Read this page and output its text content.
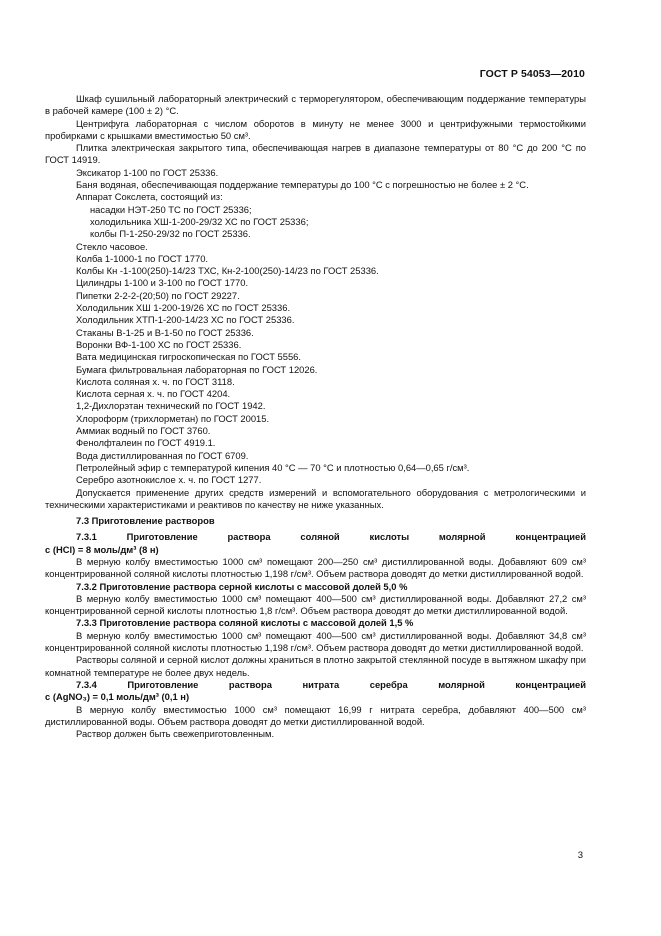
ГОСТ Р 54053—2010

Шкаф сушильный лабораторный электрический с терморегулятором, обеспечивающим поддержание температуры в рабочей камере (100 ± 2) °С.

Центрифуга лабораторная с числом оборотов в минуту не менее 3000 и центрифужными термостойкими пробирками с крышками вместимостью 50 см³.

Плитка электрическая закрытого типа, обеспечивающая нагрев в диапазоне температуры от 80 °С до 200 °С по ГОСТ 14919.

Эксикатор 1-100 по ГОСТ 25336.

Баня водяная, обеспечивающая поддержание температуры до 100 °С с погрешностью не более ± 2 °С.

Аппарат Сокслета, состоящий из:

насадки НЭТ-250 ТС по ГОСТ 25336;

холодильника ХШ-1-200-29/32 ХС по ГОСТ 25336;

колбы П-1-250-29/32 по ГОСТ 25336.

Стекло часовое.

Колба 1-1000-1 по ГОСТ 1770.

Колбы Кн -1-100(250)-14/23 ТХС, Кн-2-100(250)-14/23 по ГОСТ 25336.

Цилиндры 1-100 и 3-100 по ГОСТ 1770.

Пипетки 2-2-2-(20;50) по ГОСТ 29227.

Холодильник ХШ 1-200-19/26 ХС по ГОСТ 25336.

Холодильник ХТП-1-200-14/23 ХС по ГОСТ 25336.

Стаканы В-1-25 и В-1-50 по ГОСТ 25336.

Воронки ВФ-1-100 ХС по ГОСТ 25336.

Вата медицинская гигроскопическая по ГОСТ 5556.

Бумага фильтровальная лабораторная по ГОСТ 12026.

Кислота соляная х. ч. по ГОСТ 3118.

Кислота серная х. ч. по ГОСТ 4204.

1,2-Дихлорэтан технический по ГОСТ 1942.

Хлороформ (трихлорметан) по ГОСТ 20015.

Аммиак водный по ГОСТ 3760.

Фенолфталеин по ГОСТ 4919.1.

Вода дистиллированная по ГОСТ 6709.

Петролейный эфир с температурой кипения 40 °С — 70 °С и плотностью 0,64—0,65 г/см³.

Серебро азотнокислое х. ч. по ГОСТ 1277.

Допускается применение других средств измерений и вспомогательного оборудования с метрологическими и техническими характеристиками и реактивов по качеству не ниже указанных.

7.3 Приготовление растворов

7.3.1 Приготовление раствора соляной кислоты молярной концентрацией

с (HCl) = 8 моль/дм³ (8 н)

В мерную колбу вместимостью 1000 см³ помещают 200—250 см³ дистиллированной воды. Добавляют 609 см³ концентрированной соляной кислоты плотностью 1,198 г/см³. Объем раствора доводят до метки дистиллированной водой.

7.3.2 Приготовление раствора серной кислоты с массовой долей 5,0 %

В мерную колбу вместимостью 1000 см³ помещают 400—500 см³ дистиллированной воды. Добавляют 27,2 см³ концентрированной серной кислоты плотностью 1,8 г/см³. Объем раствора доводят до метки дистиллированной водой.

7.3.3 Приготовление раствора соляной кислоты с массовой долей 1,5 %

В мерную колбу вместимостью 1000 см³ помещают 400—500 см³ дистиллированной воды. Добавляют 34,8 см³ концентрированной соляной кислоты плотностью 1,198 г/см³. Объем раствора доводят до метки дистиллированной водой.

Растворы соляной и серной кислот должны храниться в плотно закрытой стеклянной посуде в вытяжном шкафу при комнатной температуре не более двух недель.

7.3.4 Приготовление раствора нитрата серебра молярной концентрацией

с (AgNO₃) = 0,1 моль/дм³ (0,1 н)

В мерную колбу вместимостью 1000 см³ помещают 16,99 г нитрата серебра, добавляют 400—500 см³ дистиллированной воды. Объем раствора доводят до метки дистиллированной водой.

Раствор должен быть свежеприготовленным.

3
